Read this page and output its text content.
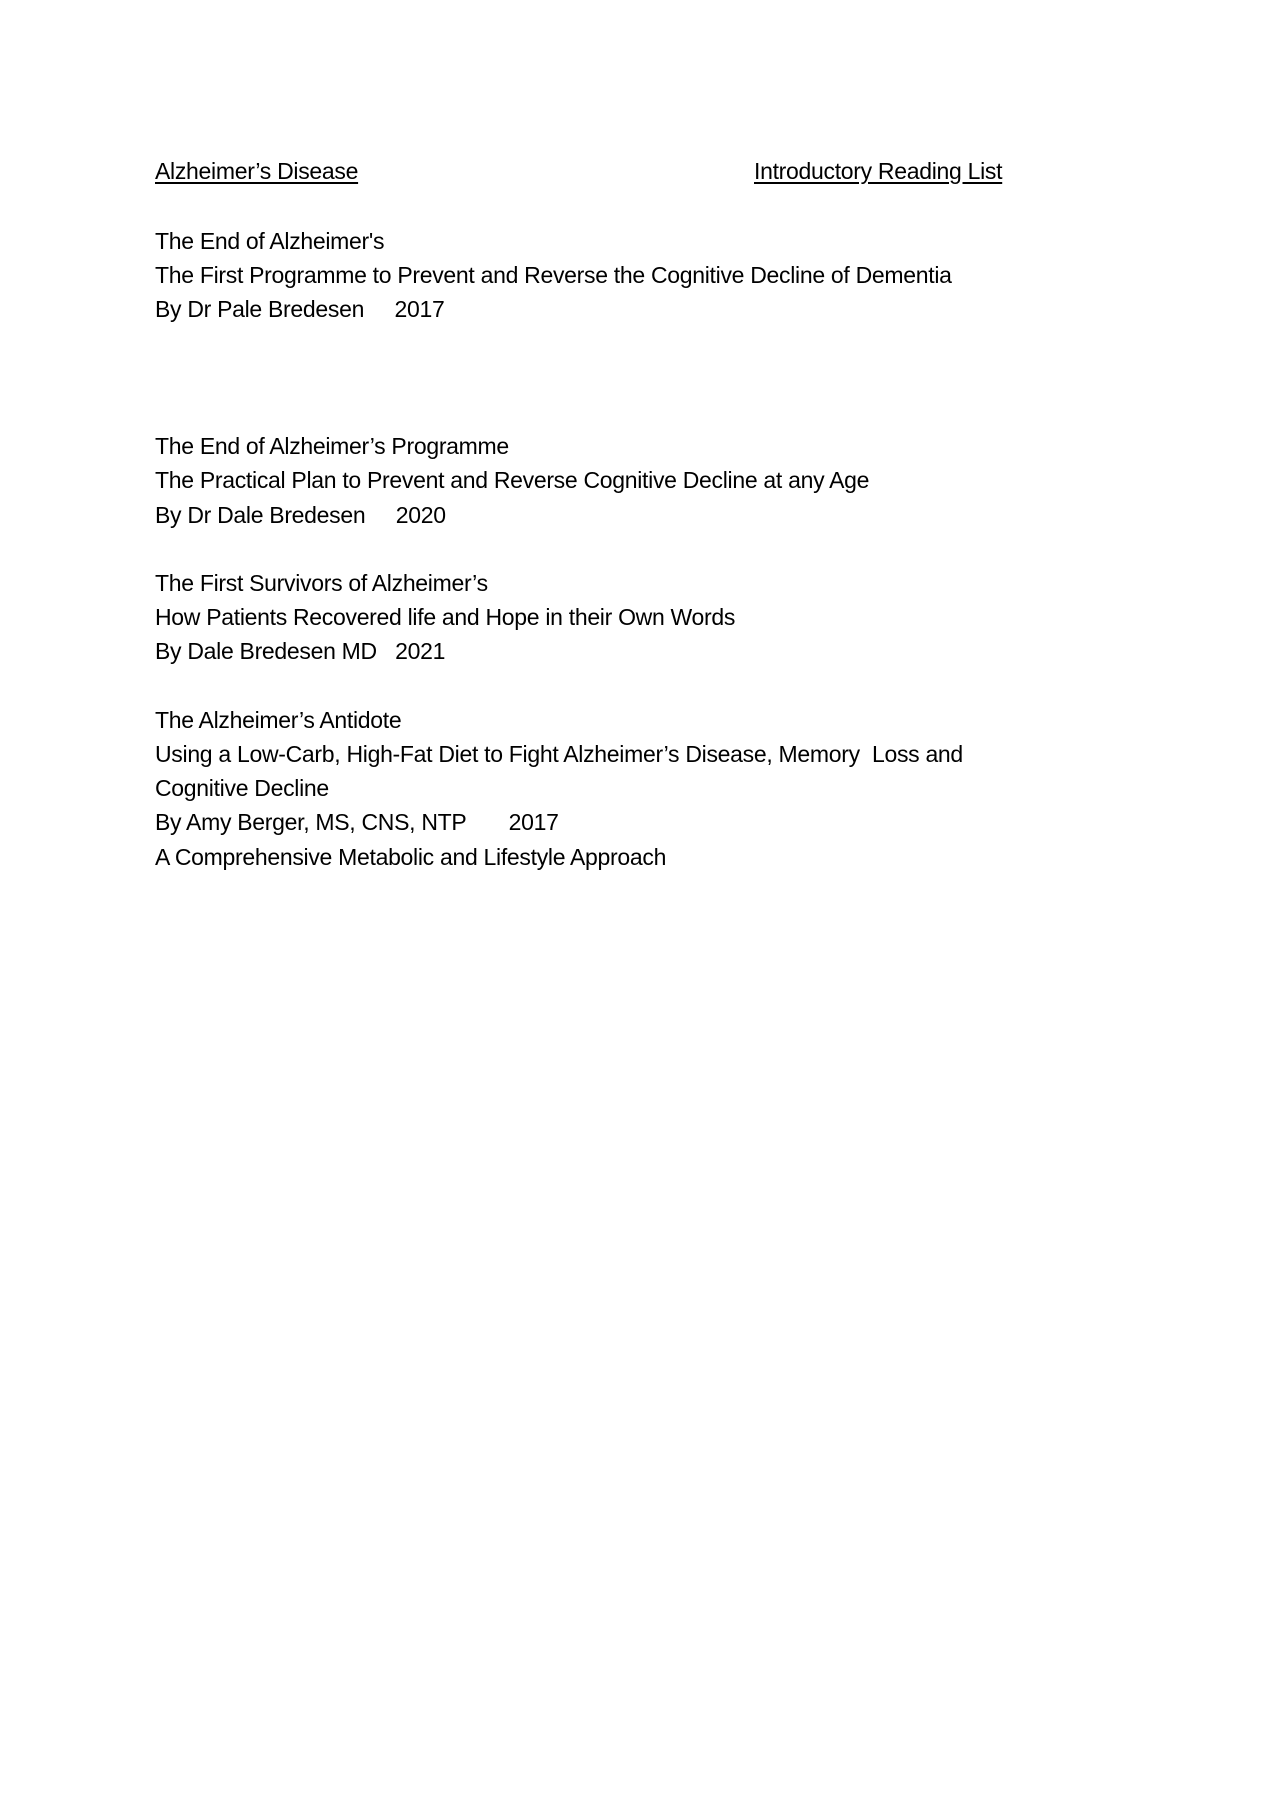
Alzheimer’s Disease	Introductory Reading List
The End of Alzheimer's
The First Programme to Prevent and Reverse the Cognitive Decline of Dementia
By Dr Pale Bredesen     2017
The End of Alzheimer’s Programme
The Practical Plan to Prevent and Reverse Cognitive Decline at any Age
By Dr Dale Bredesen     2020
The First Survivors of Alzheimer’s
How Patients Recovered life and Hope in their Own Words
By Dale Bredesen MD   2021
The Alzheimer’s Antidote
Using a Low-Carb, High-Fat Diet to Fight Alzheimer’s Disease, Memory  Loss and
Cognitive Decline
By Amy Berger, MS, CNS, NTP       2017
A Comprehensive Metabolic and Lifestyle Approach
